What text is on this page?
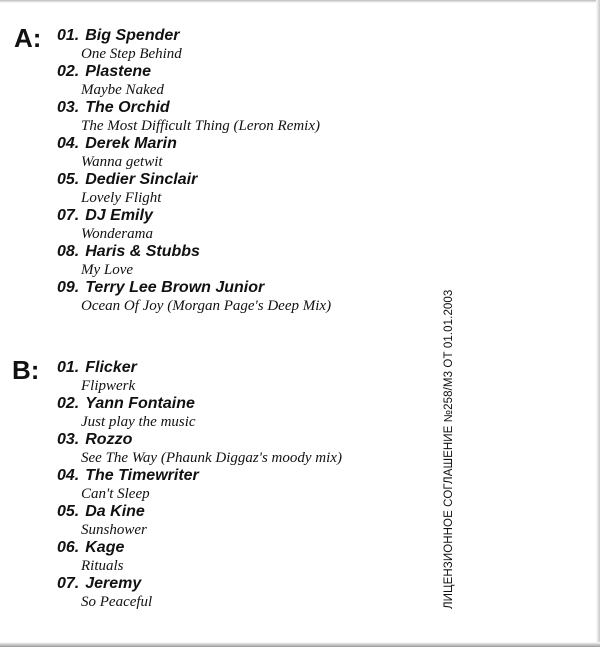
A: 01. Big Spender
One Step Behind
02. Plastene
Maybe Naked
03. The Orchid
The Most Difficult Thing (Leron Remix)
04. Derek Marin
Wanna getwit
05. Dedier Sinclair
Lovely Flight
07. DJ Emily
Wonderama
08. Haris & Stubbs
My Love
09. Terry Lee Brown Junior
Ocean Of Joy (Morgan Page's Deep Mix)
B: 01. Flicker
Flipwerk
02. Yann Fontaine
Just play the music
03. Rozzo
See The Way (Phaunk Diggaz's moody mix)
04. The Timewriter
Can't Sleep
05. Da Kine
Sunshower
06. Kage
Rituals
07. Jeremy
So Peaceful	ЛИЦЕНЗИОННОЕ СОГЛАШЕНИЕ №258/М3 ОТ 01.01.2003
